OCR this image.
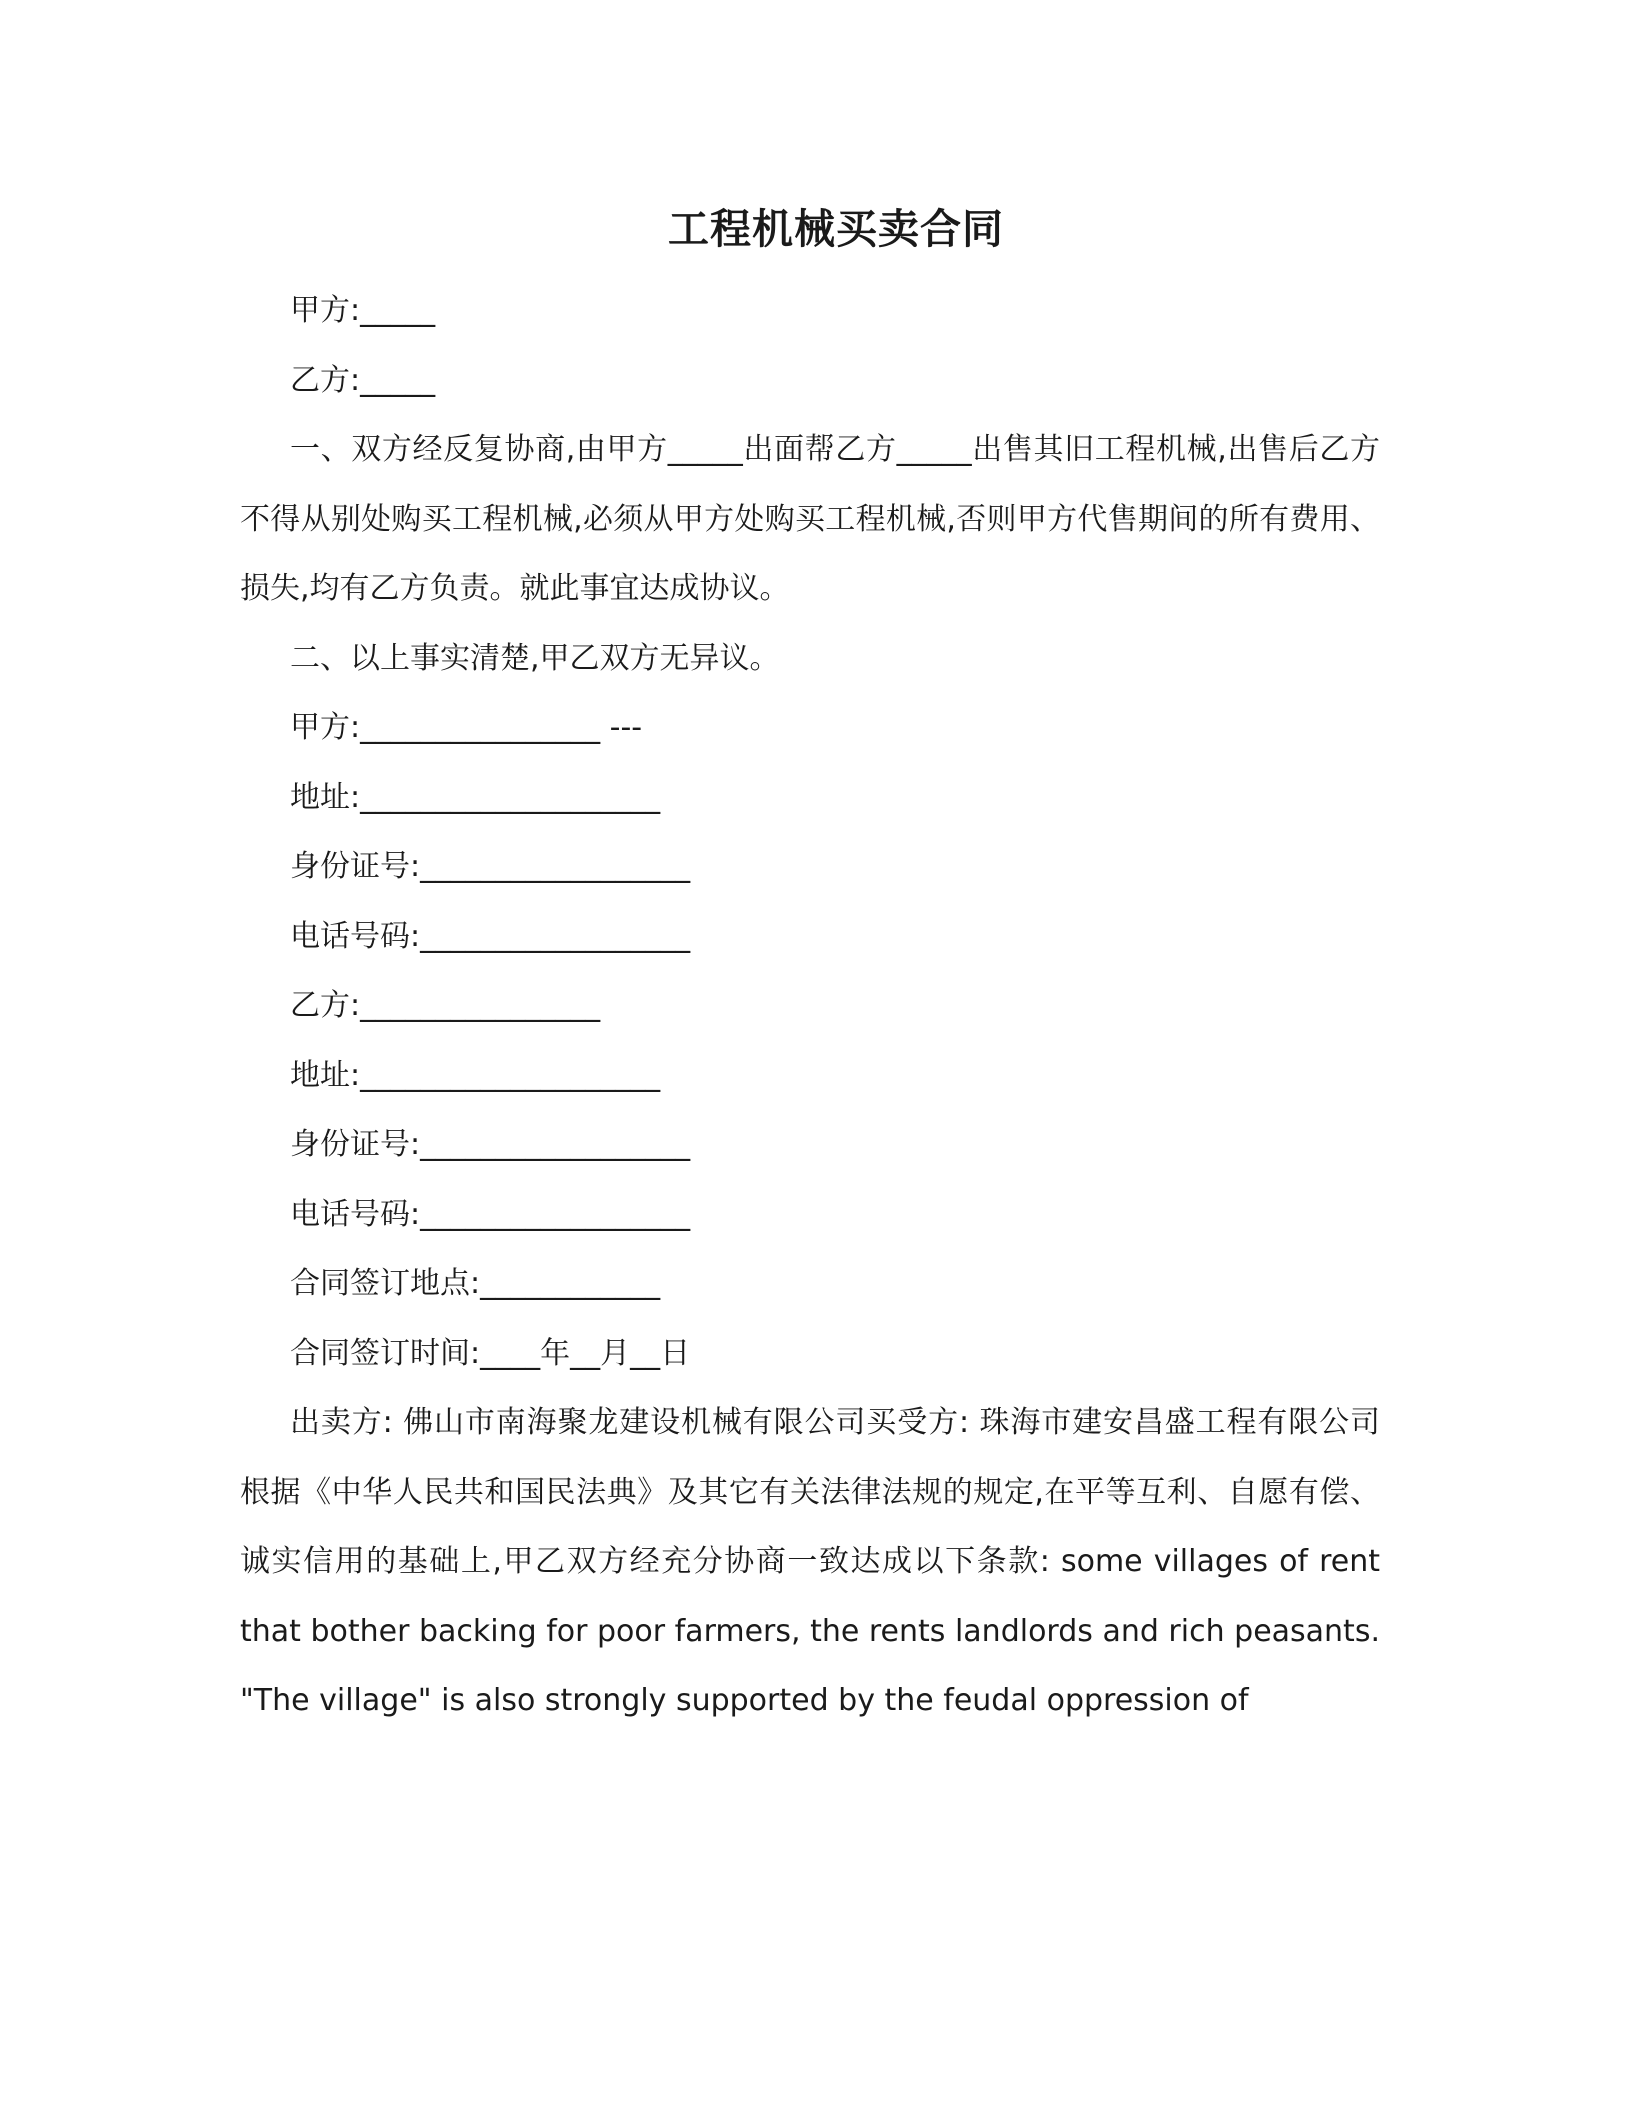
工程机械买卖合同
甲方:_____
乙方:_____
一、双方经反复协商,由甲方_____出面帮乙方_____出售其旧工程机械,出售后乙方不得从别处购买工程机械,必须从甲方处购买工程机械,否则甲方代售期间的所有费用、损失,均有乙方负责。就此事宜达成协议。
二、以上事实清楚,甲乙双方无异议。
甲方:________________ ---
地址:____________________
身份证号:__________________
电话号码:__________________
乙方:________________
地址:____________________
身份证号:__________________
电话号码:__________________
合同签订地点:____________
合同签订时间:____年__月__日
出卖方: 佛山市南海聚龙建设机械有限公司买受方: 珠海市建安昌盛工程有限公司 根据《中华人民共和国民法典》及其它有关法律法规的规定,在平等互利、自愿有偿、诚实信用的基础上,甲乙双方经充分协商一致达成以下条款: some villages of rent that bother backing for poor farmers, the rents landlords and rich peasants. "The village" is also strongly supported by the feudal oppression of
